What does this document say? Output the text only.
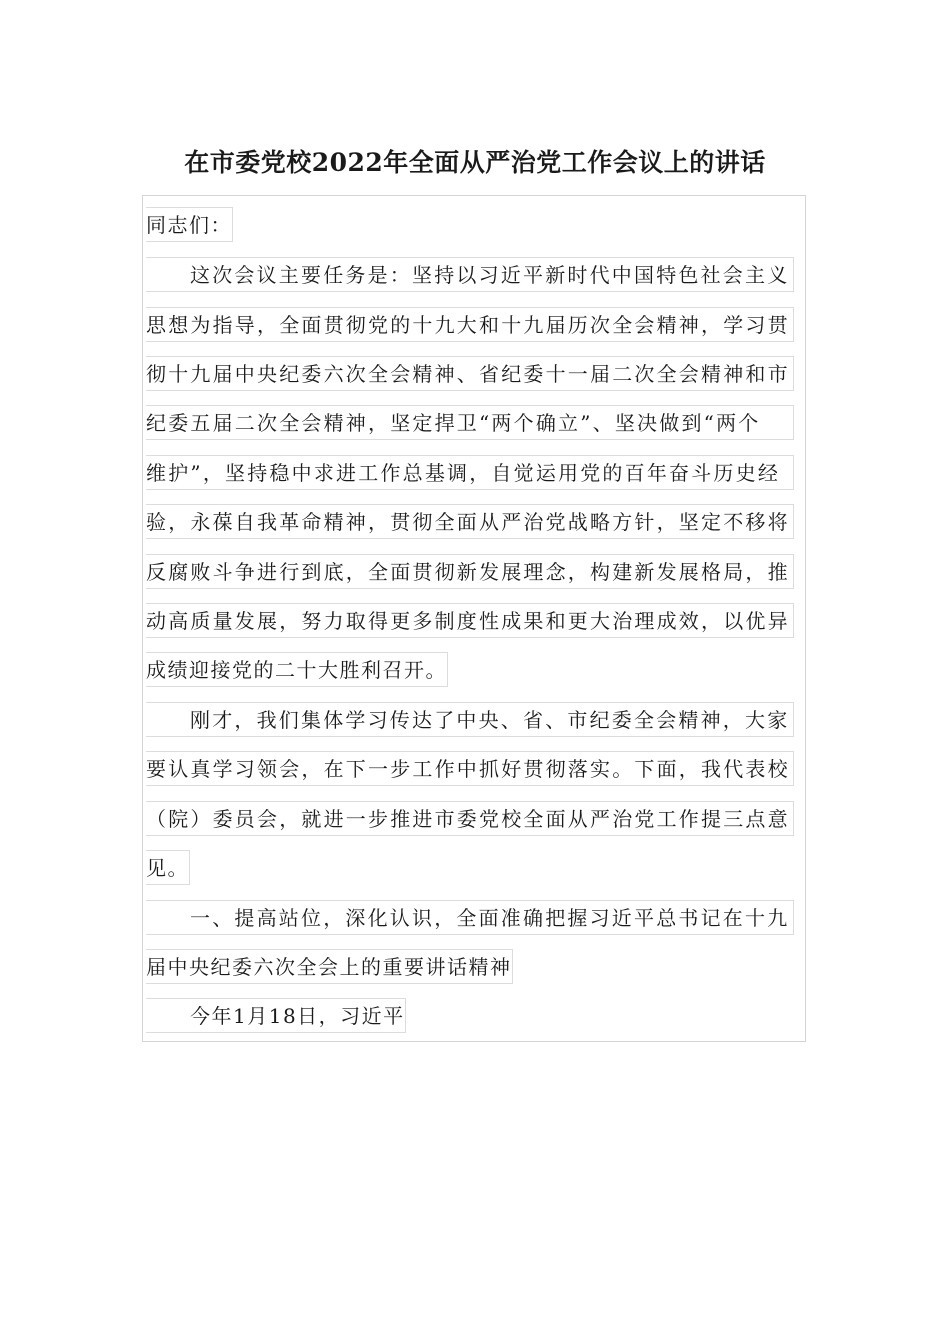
在市委党校2022年全面从严治党工作会议上的讲话
同志们：
这次会议主要任务是：坚持以习近平新时代中国特色社会主义
思想为指导，全面贯彻党的十九大和十九届历次全会精神，学习贯
彻十九届中央纪委六次全会精神、省纪委十一届二次全会精神和市
纪委五届二次全会精神，坚定捍卫“两个确立”、坚决做到“两个
维护”，坚持稳中求进工作总基调，自觉运用党的百年奋斗历史经
验，永葆自我革命精神，贯彻全面从严治党战略方针，坚定不移将
反腐败斗争进行到底，全面贯彻新发展理念，构建新发展格局，推
动高质量发展，努力取得更多制度性成果和更大治理成效，以优异
成绩迎接党的二十大胜利召开。
刚才，我们集体学习传达了中央、省、市纪委全会精神，大家
要认真学习领会，在下一步工作中抓好贯彻落实。下面，我代表校
（院）委员会，就进一步推进市委党校全面从严治党工作提三点意
见。
一、提高站位，深化认识，全面准确把握习近平总书记在十九
届中央纪委六次全会上的重要讲话精神
今年1月18日，习近平
